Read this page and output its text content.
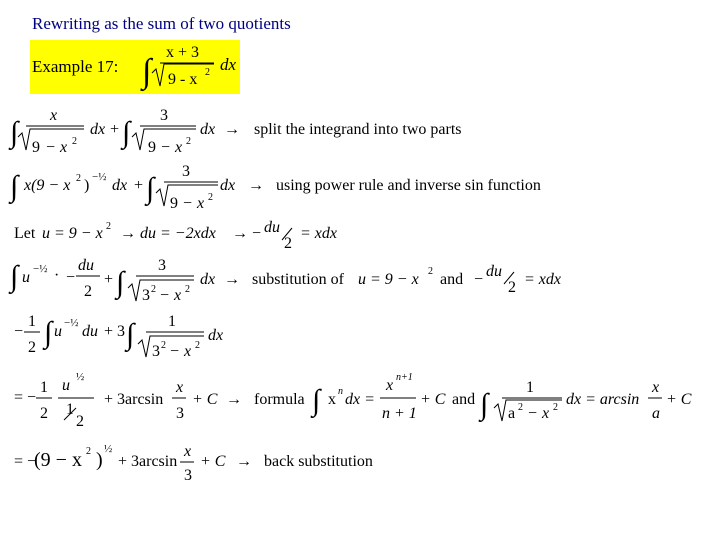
Rewriting as the sum of two quotients
Example 17: ∫
x + 3
9 - x 2 dx
∫
x
9 − x 2
dx + ∫
3
9 − x 2
dx → split the integrand into two parts
∫ x(9 − x 2 ) −½ dx + ∫
3
9 − x 2
dx → using power rule and inverse sin function
Let u = 9 − x 2 → du = −2xdx → − du
2
= xdx
∫ u −½ · −
du
2
+ ∫
3
3 2 − x 2
dx → substitution of u = 9 − x 2 and − du
2 = xdx
−
1
2 ∫ u −½ du + 3 ∫ 1
3 2 − x 2
dx
= −
1
2
u ½
1
2
+ 3arcsin
x
3
+ C → formula ∫ x n dx =
x n+1
n + 1
+ C and ∫
1
a 2 − x 2 dx = arcsin
x
a
+ C
= −
(9 − x 2 ) ½
+ 3arcsin
x
3
+ C → back substitution
